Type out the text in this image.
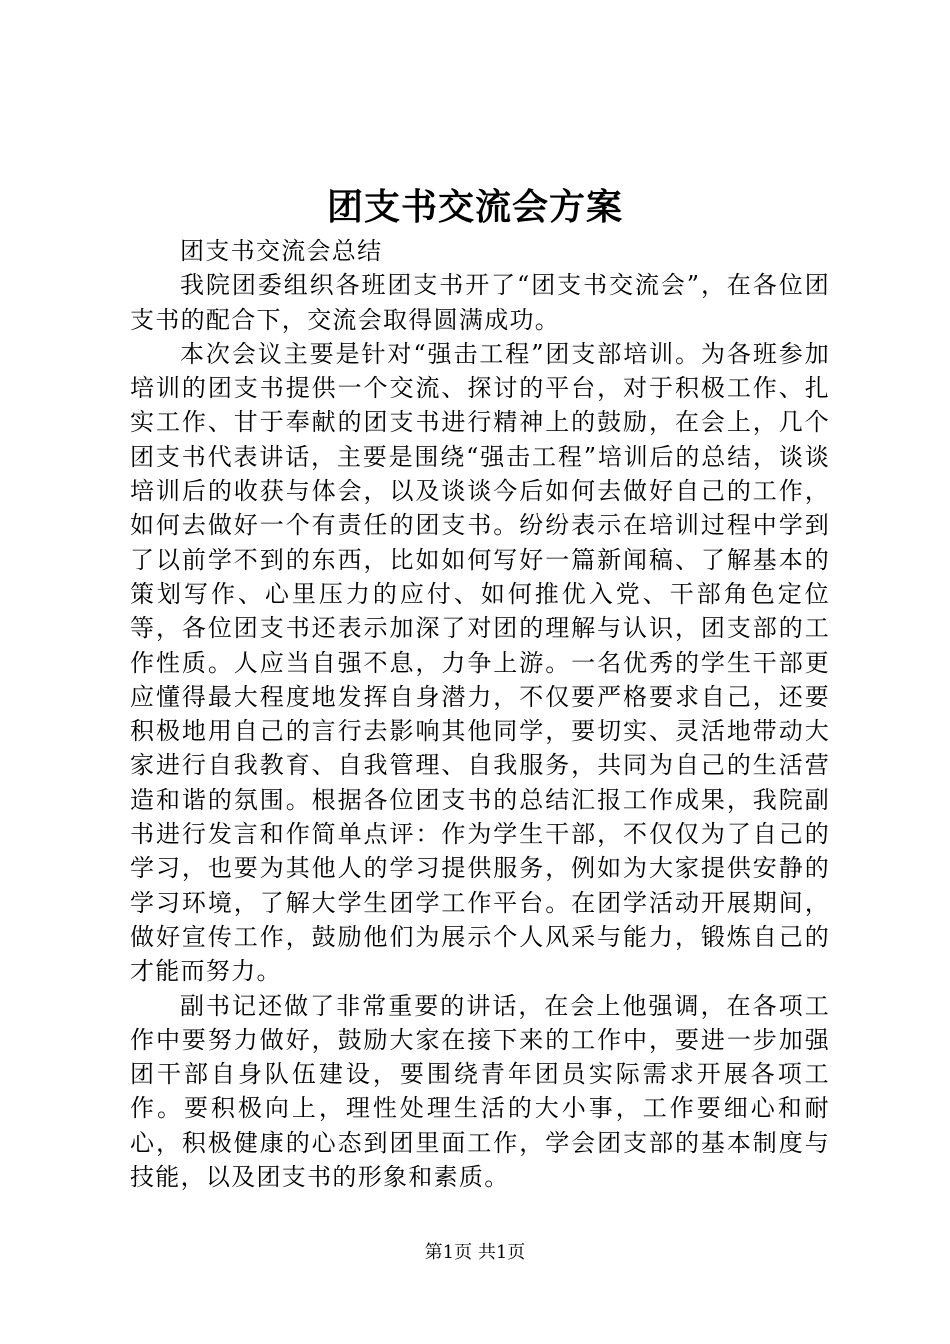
团支书交流会方案

团支书交流会总结

我院团委组织各班团支书开了“团支书交流会”，在各位团支书的配合下，交流会取得圆满成功。

本次会议主要是针对“强击工程”团支部培训。为各班参加培训的团支书提供一个交流、探讨的平台，对于积极工作、扎实工作、甘于奉献的团支书进行精神上的鼓励，在会上，几个团支书代表讲话，主要是围绕“强击工程”培训后的总结，谈谈培训后的收获与体会，以及谈谈今后如何去做好自己的工作，如何去做好一个有责任的团支书。纷纷表示在培训过程中学到了以前学不到的东西，比如如何写好一篇新闻稿、了解基本的策划写作、心里压力的应付、如何推优入党、干部角色定位等，各位团支书还表示加深了对团的理解与认识，团支部的工作性质。人应当自强不息，力争上游。一名优秀的学生干部更应懂得最大程度地发挥自身潜力，不仅要严格要求自己，还要积极地用自己的言行去影响其他同学，要切实、灵活地带动大家进行自我教育、自我管理、自我服务，共同为自己的生活营造和谐的氛围。根据各位团支书的总结汇报工作成果，我院副书进行发言和作简单点评：作为学生干部，不仅仅为了自己的学习，也要为其他人的学习提供服务，例如为大家提供安静的学习环境，了解大学生团学工作平台。在团学活动开展期间，做好宣传工作，鼓励他们为展示个人风采与能力，锻炼自己的才能而努力。

副书记还做了非常重要的讲话，在会上他强调，在各项工作中要努力做好，鼓励大家在接下来的工作中，要进一步加强团干部自身队伍建设，要围绕青年团员实际需求开展各项工作。要积极向上，理性处理生活的大小事，工作要细心和耐心，积极健康的心态到团里面工作，学会团支部的基本制度与技能，以及团支书的形象和素质。

第1页 共1页
